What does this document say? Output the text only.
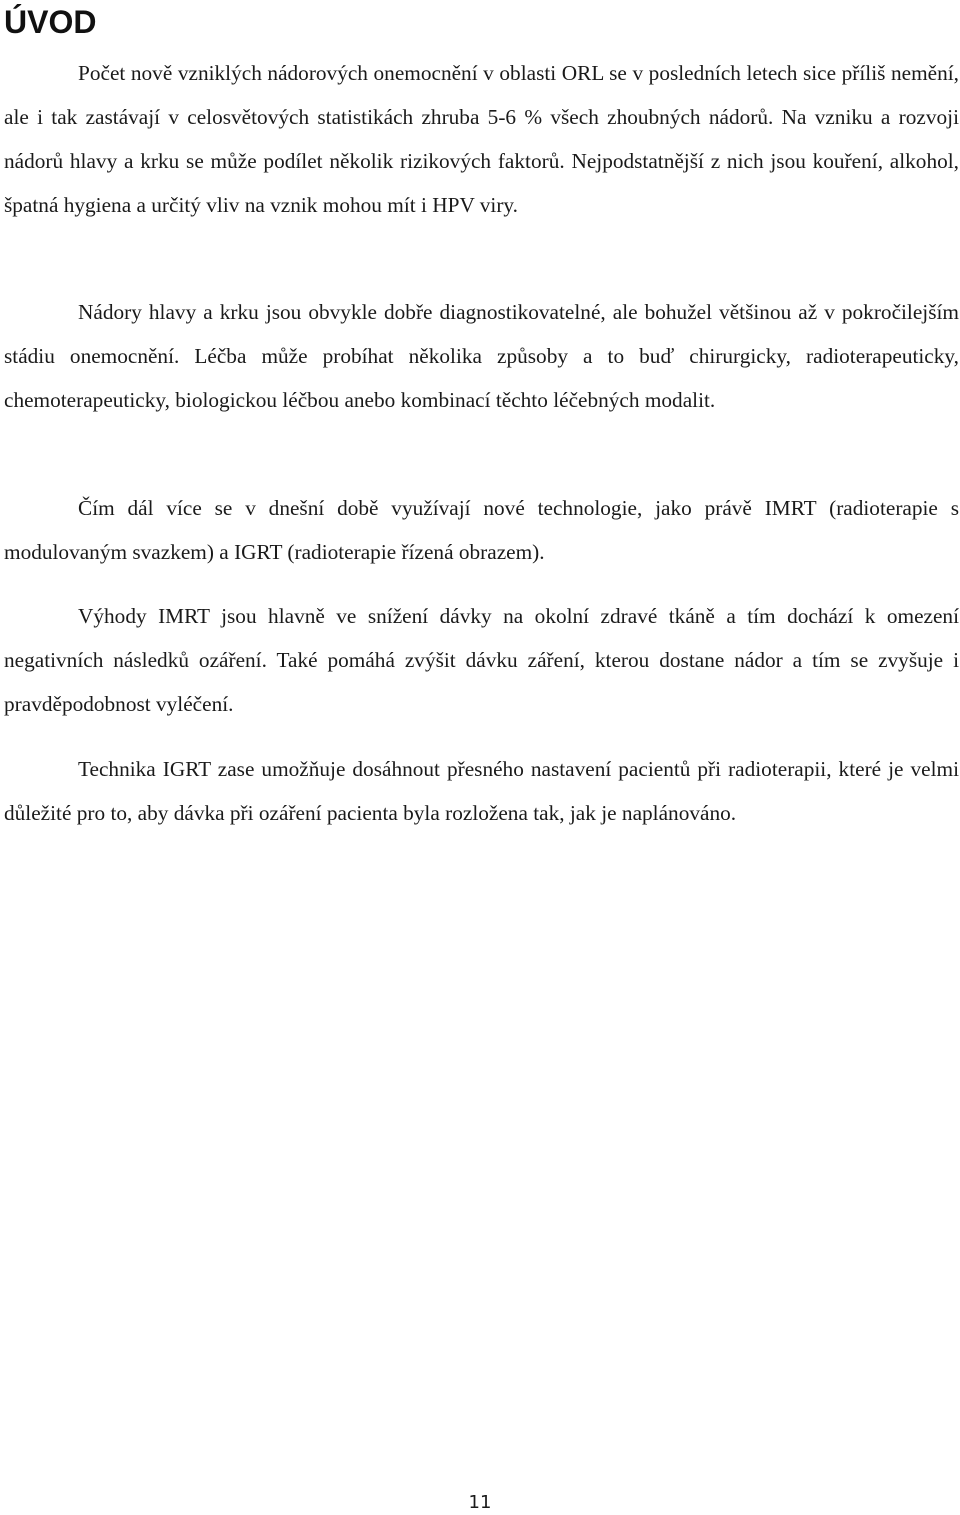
ÚVOD

Počet nově vzniklých nádorových onemocnění v oblasti ORL se v posledních letech sice příliš nemění, ale i tak zastávají v celosvětových statistikách zhruba 5-6 % všech zhoubných nádorů. Na vzniku a rozvoji nádorů hlavy a krku se může podílet několik rizikových faktorů. Nejpodstatnější z nich jsou kouření, alkohol, špatná hygiena a určitý vliv na vznik mohou mít i HPV viry.

Nádory hlavy a krku jsou obvykle dobře diagnostikovatelné, ale bohužel většinou až v pokročilejším stádiu onemocnění. Léčba může probíhat několika způsoby a to buď chirurgicky, radioterapeuticky, chemoterapeuticky, biologickou léčbou anebo kombinací těchto léčebných modalit.

Čím dál více se v dnešní době využívají nové technologie, jako právě IMRT (radioterapie s modulovaným svazkem) a IGRT (radioterapie řízená obrazem).

Výhody IMRT jsou hlavně ve snížení dávky na okolní zdravé tkáně a tím dochází k omezení negativních následků ozáření. Také pomáhá zvýšit dávku záření, kterou dostane nádor a tím se zvyšuje i pravděpodobnost vyléčení.

Technika IGRT zase umožňuje dosáhnout přesného nastavení pacientů při radioterapii, které je velmi důležité pro to, aby dávka při ozáření pacienta byla rozložena tak, jak je naplánováno.

11
